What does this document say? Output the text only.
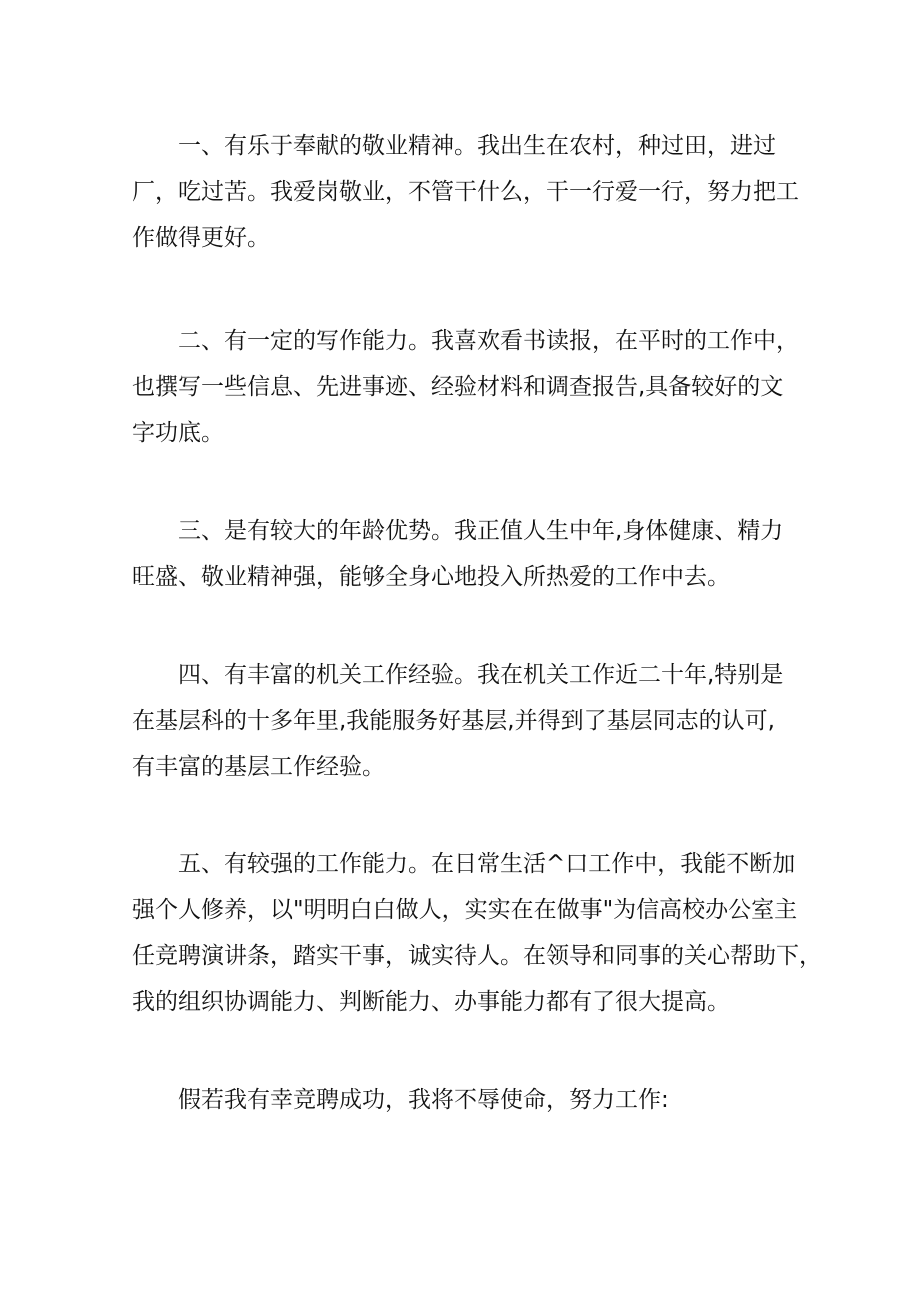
一、有乐于奉献的敬业精神。我出生在农村，种过田，进过
厂，吃过苦。我爱岗敬业，不管干什么，干一行爱一行，努力把工
作做得更好。

二、有一定的写作能力。我喜欢看书读报，在平时的工作中，
也撰写一些信息、先进事迹、经验材料和调查报告,具备较好的文
字功底。

三、是有较大的年龄优势。我正值人生中年,身体健康、精力
旺盛、敬业精神强，能够全身心地投入所热爱的工作中去。

四、有丰富的机关工作经验。我在机关工作近二十年,特别是
在基层科的十多年里,我能服务好基层,并得到了基层同志的认可,
有丰富的基层工作经验。

五、有较强的工作能力。在日常生活^口工作中，我能不断加
强个人修养，以"明明白白做人，实实在在做事"为信高校办公室主
任竞聘演讲条，踏实干事，诚实待人。在领导和同事的关心帮助下，
我的组织协调能力、判断能力、办事能力都有了很大提高。

假若我有幸竞聘成功，我将不辱使命，努力工作:
